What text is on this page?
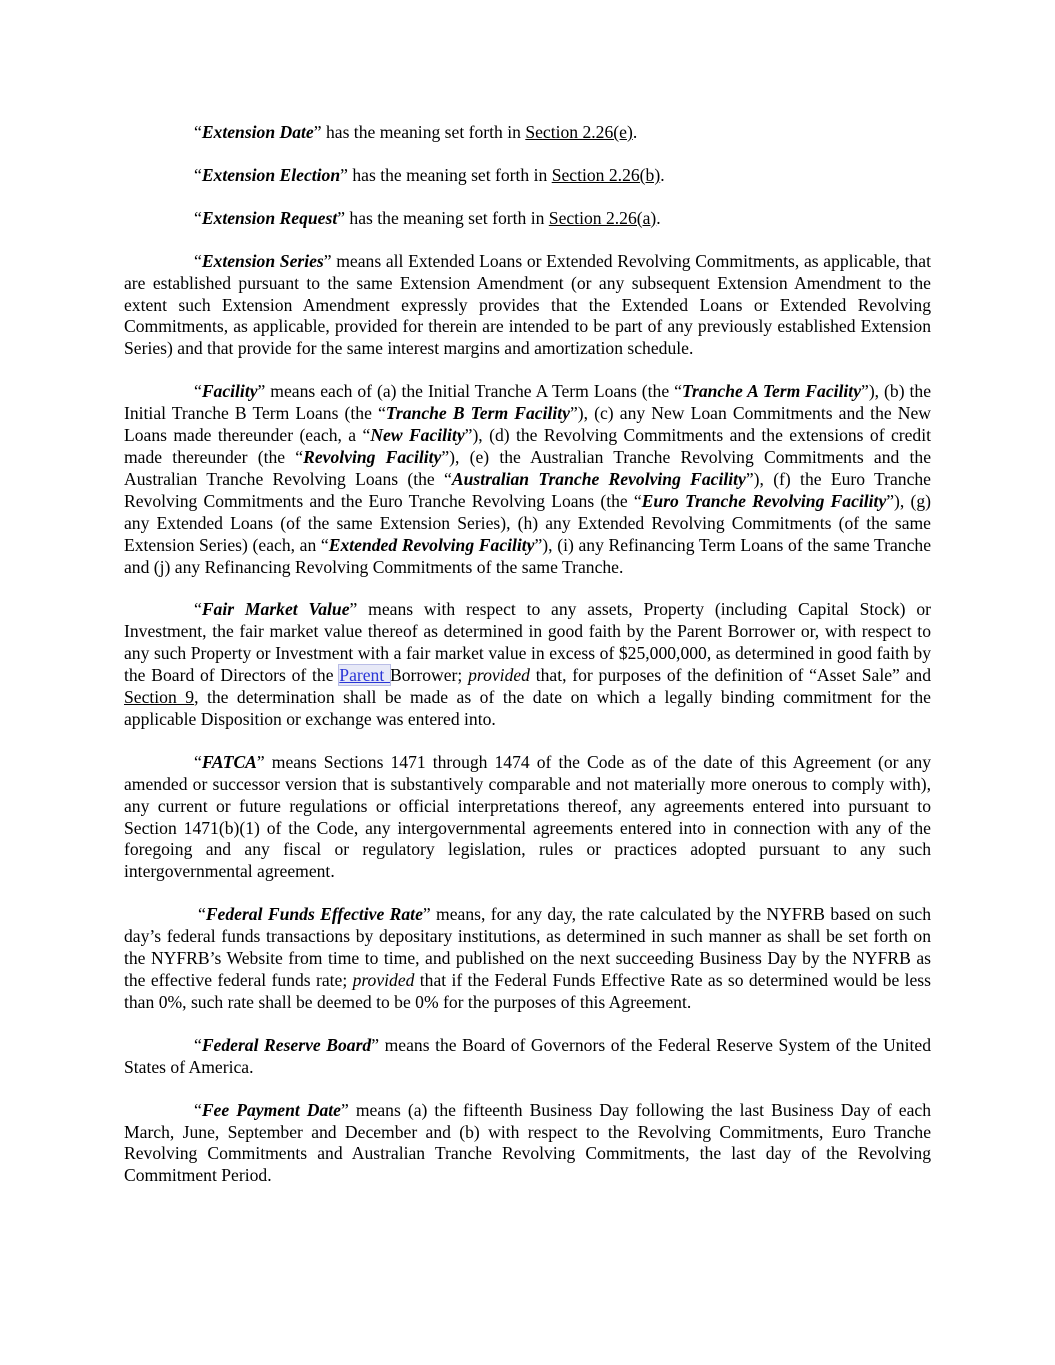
“Extension Date” has the meaning set forth in Section 2.26(e).

“Extension Election” has the meaning set forth in Section 2.26(b).

“Extension Request” has the meaning set forth in Section 2.26(a).

“Extension Series” means all Extended Loans or Extended Revolving Commitments, as applicable, that are established pursuant to the same Extension Amendment (or any subsequent Extension Amendment to the extent such Extension Amendment expressly provides that the Extended Loans or Extended Revolving Commitments, as applicable, provided for therein are intended to be part of any previously established Extension Series) and that provide for the same interest margins and amortization schedule.

“Facility” means each of (a) the Initial Tranche A Term Loans (the “Tranche A Term Facility”), (b) the Initial Tranche B Term Loans (the “Tranche B Term Facility”), (c) any New Loan Commitments and the New Loans made thereunder (each, a “New Facility”), (d) the Revolving Commitments and the extensions of credit made thereunder (the “Revolving Facility”), (e) the Australian Tranche Revolving Commitments and the Australian Tranche Revolving Loans (the “Australian Tranche Revolving Facility”), (f) the Euro Tranche Revolving Commitments and the Euro Tranche Revolving Loans (the “Euro Tranche Revolving Facility”), (g) any Extended Loans (of the same Extension Series), (h) any Extended Revolving Commitments (of the same Extension Series) (each, an “Extended Revolving Facility”), (i) any Refinancing Term Loans of the same Tranche and (j) any Refinancing Revolving Commitments of the same Tranche.

“Fair Market Value” means with respect to any assets, Property (including Capital Stock) or Investment, the fair market value thereof as determined in good faith by the Parent Borrower or, with respect to any such Property or Investment with a fair market value in excess of $25,000,000, as determined in good faith by the Board of Directors of the Parent Borrower; provided that, for purposes of the definition of “Asset Sale” and Section 9, the determination shall be made as of the date on which a legally binding commitment for the applicable Disposition or exchange was entered into.

“FATCA” means Sections 1471 through 1474 of the Code as of the date of this Agreement (or any amended or successor version that is substantively comparable and not materially more onerous to comply with), any current or future regulations or official interpretations thereof, any agreements entered into pursuant to Section 1471(b)(1) of the Code, any intergovernmental agreements entered into in connection with any of the foregoing and any fiscal or regulatory legislation, rules or practices adopted pursuant to any such intergovernmental agreement.

“Federal Funds Effective Rate” means, for any day, the rate calculated by the NYFRB based on such day’s federal funds transactions by depositary institutions, as determined in such manner as shall be set forth on the NYFRB’s Website from time to time, and published on the next succeeding Business Day by the NYFRB as the effective federal funds rate; provided that if the Federal Funds Effective Rate as so determined would be less than 0%, such rate shall be deemed to be 0% for the purposes of this Agreement.

“Federal Reserve Board” means the Board of Governors of the Federal Reserve System of the United States of America.

“Fee Payment Date” means (a) the fifteenth Business Day following the last Business Day of each March, June, September and December and (b) with respect to the Revolving Commitments, Euro Tranche Revolving Commitments and Australian Tranche Revolving Commitments, the last day of the Revolving Commitment Period.
